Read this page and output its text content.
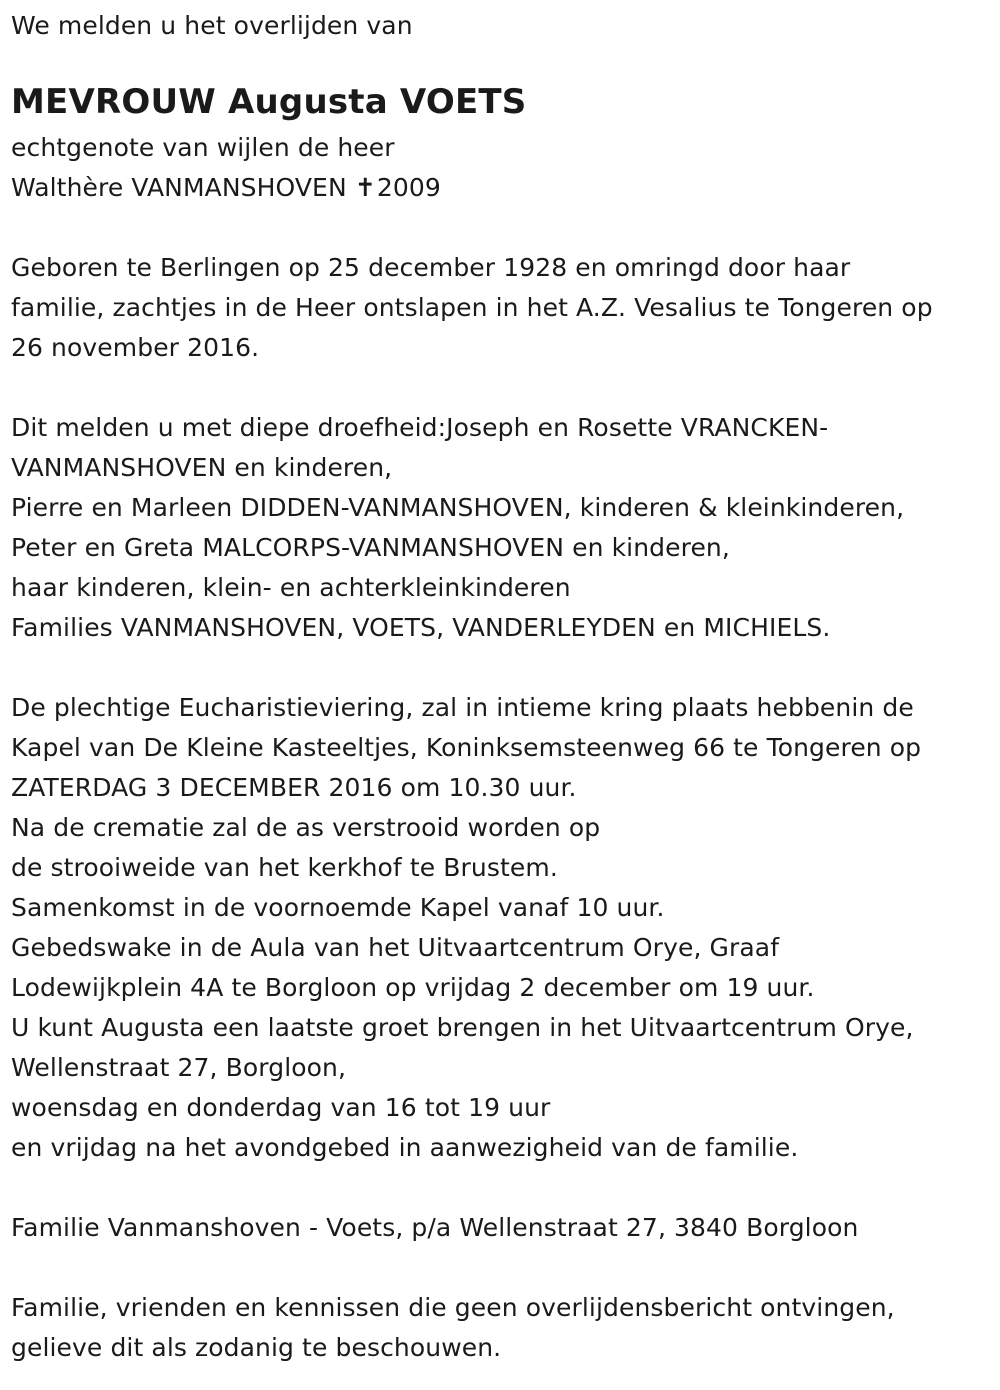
We melden u het overlijden van
MEVROUW Augusta VOETS
echtgenote van wijlen de heer
Walthère VANMANSHOVEN ✝2009
Geboren te Berlingen op 25 december 1928 en omringd door haar
familie, zachtjes in de Heer ontslapen in het A.Z. Vesalius te Tongeren op
26 november 2016.
Dit melden u met diepe droefheid:Joseph en Rosette VRANCKEN-
VANMANSHOVEN en kinderen,
Pierre en Marleen DIDDEN-VANMANSHOVEN, kinderen & kleinkinderen,
Peter en Greta MALCORPS-VANMANSHOVEN en kinderen,
haar kinderen, klein- en achterkleinkinderen
Families VANMANSHOVEN, VOETS, VANDERLEYDEN en MICHIELS.
De plechtige Eucharistieviering, zal in intieme kring plaats hebbenin de
Kapel van De Kleine Kasteeltjes, Koninksemsteenweg 66 te Tongeren op
ZATERDAG 3 DECEMBER 2016 om 10.30 uur.
Na de crematie zal de as verstrooid worden op
de strooiweide van het kerkhof te Brustem.
Samenkomst in de voornoemde Kapel vanaf 10 uur.
Gebedswake in de Aula van het Uitvaartcentrum Orye, Graaf
Lodewijkplein 4A te Borgloon op vrijdag 2 december om 19 uur.
U kunt Augusta een laatste groet brengen in het Uitvaartcentrum Orye,
Wellenstraat 27, Borgloon,
woensdag en donderdag van 16 tot 19 uur
en vrijdag na het avondgebed in aanwezigheid van de familie.
Familie Vanmanshoven - Voets, p/a Wellenstraat 27, 3840 Borgloon
Familie, vrienden en kennissen die geen overlijdensbericht ontvingen,
gelieve dit als zodanig te beschouwen.
